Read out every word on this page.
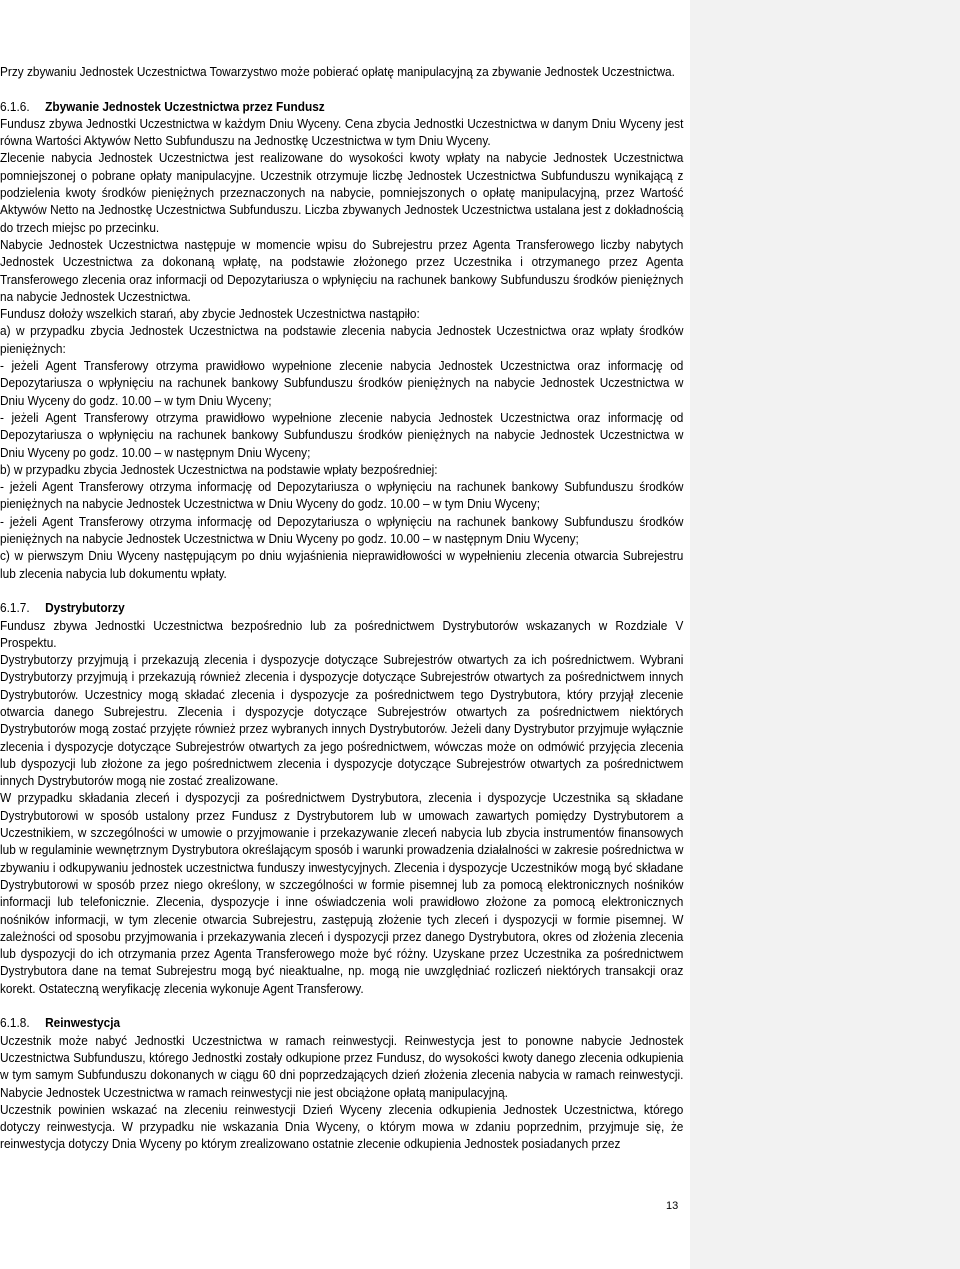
Przy zbywaniu Jednostek Uczestnictwa Towarzystwo może pobierać opłatę manipulacyjną za zbywanie Jednostek Uczestnictwa.

6.1.6. Zbywanie Jednostek Uczestnictwa przez Fundusz

Fundusz zbywa Jednostki Uczestnictwa w każdym Dniu Wyceny. Cena zbycia Jednostki Uczestnictwa w danym Dniu Wyceny jest równa Wartości Aktywów Netto Subfunduszu na Jednostkę Uczestnictwa w tym Dniu Wyceny.

Zlecenie nabycia Jednostek Uczestnictwa jest realizowane do wysokości kwoty wpłaty na nabycie Jednostek Uczestnictwa pomniejszonej o pobrane opłaty manipulacyjne. Uczestnik otrzymuje liczbę Jednostek Uczestnictwa Subfunduszu wynikającą z podzielenia kwoty środków pieniężnych przeznaczonych na nabycie, pomniejszonych o opłatę manipulacyjną, przez Wartość Aktywów Netto na Jednostkę Uczestnictwa Subfunduszu. Liczba zbywanych Jednostek Uczestnictwa ustalana jest z dokładnością do trzech miejsc po przecinku.

Nabycie Jednostek Uczestnictwa następuje w momencie wpisu do Subrejestru przez Agenta Transferowego liczby nabytych Jednostek Uczestnictwa za dokonaną wpłatę, na podstawie złożonego przez Uczestnika i otrzymanego przez Agenta Transferowego zlecenia oraz informacji od Depozytariusza o wpłynięciu na rachunek bankowy Subfunduszu środków pieniężnych na nabycie Jednostek Uczestnictwa.

Fundusz dołoży wszelkich starań, aby zbycie Jednostek Uczestnictwa nastąpiło:

a) w przypadku zbycia Jednostek Uczestnictwa na podstawie zlecenia nabycia Jednostek Uczestnictwa oraz wpłaty środków pieniężnych:

- jeżeli Agent Transferowy otrzyma prawidłowo wypełnione zlecenie nabycia Jednostek Uczestnictwa oraz informację od Depozytariusza o wpłynięciu na rachunek bankowy Subfunduszu środków pieniężnych na nabycie Jednostek Uczestnictwa w Dniu Wyceny do godz. 10.00 – w tym Dniu Wyceny;

- jeżeli Agent Transferowy otrzyma prawidłowo wypełnione zlecenie nabycia Jednostek Uczestnictwa oraz informację od Depozytariusza o wpłynięciu na rachunek bankowy Subfunduszu środków pieniężnych na nabycie Jednostek Uczestnictwa w Dniu Wyceny po godz. 10.00 – w następnym Dniu Wyceny;

b) w przypadku zbycia Jednostek Uczestnictwa na podstawie wpłaty bezpośredniej:

- jeżeli Agent Transferowy otrzyma informację od Depozytariusza o wpłynięciu na rachunek bankowy Subfunduszu środków pieniężnych na nabycie Jednostek Uczestnictwa w Dniu Wyceny do godz. 10.00 – w tym Dniu Wyceny;

- jeżeli Agent Transferowy otrzyma informację od Depozytariusza o wpłynięciu na rachunek bankowy Subfunduszu środków pieniężnych na nabycie Jednostek Uczestnictwa w Dniu Wyceny po godz. 10.00 – w następnym Dniu Wyceny;

c) w pierwszym Dniu Wyceny następującym po dniu wyjaśnienia nieprawidłowości w wypełnieniu zlecenia otwarcia Subrejestru lub zlecenia nabycia lub dokumentu wpłaty.

6.1.7. Dystrybutorzy

Fundusz zbywa Jednostki Uczestnictwa bezpośrednio lub za pośrednictwem Dystrybutorów wskazanych w Rozdziale V Prospektu.

Dystrybutorzy przyjmują i przekazują zlecenia i dyspozycje dotyczące Subrejestrów otwartych za ich pośrednictwem. Wybrani Dystrybutorzy przyjmują i przekazują również zlecenia i dyspozycje dotyczące Subrejestrów otwartych za pośrednictwem innych Dystrybutorów. Uczestnicy mogą składać zlecenia i dyspozycje za pośrednictwem tego Dystrybutora, który przyjął zlecenie otwarcia danego Subrejestru. Zlecenia i dyspozycje dotyczące Subrejestrów otwartych za pośrednictwem niektórych Dystrybutorów mogą zostać przyjęte również przez wybranych innych Dystrybutorów. Jeżeli dany Dystrybutor przyjmuje wyłącznie zlecenia i dyspozycje dotyczące Subrejestrów otwartych za jego pośrednictwem, wówczas może on odmówić przyjęcia zlecenia lub dyspozycji lub złożone za jego pośrednictwem zlecenia i dyspozycje dotyczące Subrejestrów otwartych za pośrednictwem innych Dystrybutorów mogą nie zostać zrealizowane.

W przypadku składania zleceń i dyspozycji za pośrednictwem Dystrybutora, zlecenia i dyspozycje Uczestnika są składane Dystrybutorowi w sposób ustalony przez Fundusz z Dystrybutorem lub w umowach zawartych pomiędzy Dystrybutorem a Uczestnikiem, w szczególności w umowie o przyjmowanie i przekazywanie zleceń nabycia lub zbycia instrumentów finansowych lub w regulaminie wewnętrznym Dystrybutora określającym sposób i warunki prowadzenia działalności w zakresie pośrednictwa w zbywaniu i odkupywaniu jednostek uczestnictwa funduszy inwestycyjnych. Zlecenia i dyspozycje Uczestników mogą być składane Dystrybutorowi w sposób przez niego określony, w szczególności w formie pisemnej lub za pomocą elektronicznych nośników informacji lub telefonicznie. Zlecenia, dyspozycje i inne oświadczenia woli prawidłowo złożone za pomocą elektronicznych nośników informacji, w tym zlecenie otwarcia Subrejestru, zastępują złożenie tych zleceń i dyspozycji w formie pisemnej. W zależności od sposobu przyjmowania i przekazywania zleceń i dyspozycji przez danego Dystrybutora, okres od złożenia zlecenia lub dyspozycji do ich otrzymania przez Agenta Transferowego może być różny. Uzyskane przez Uczestnika za pośrednictwem Dystrybutora dane na temat Subrejestru mogą być nieaktualne, np. mogą nie uwzględniać rozliczeń niektórych transakcji oraz korekt. Ostateczną weryfikację zlecenia wykonuje Agent Transferowy.

6.1.8. Reinwestycja

Uczestnik może nabyć Jednostki Uczestnictwa w ramach reinwestycji. Reinwestycja jest to ponowne nabycie Jednostek Uczestnictwa Subfunduszu, którego Jednostki zostały odkupione przez Fundusz, do wysokości kwoty danego zlecenia odkupienia w tym samym Subfunduszu dokonanych w ciągu 60 dni poprzedzających dzień złożenia zlecenia nabycia w ramach reinwestycji. Nabycie Jednostek Uczestnictwa w ramach reinwestycji nie jest obciążone opłatą manipulacyjną.

Uczestnik powinien wskazać na zleceniu reinwestycji Dzień Wyceny zlecenia odkupienia Jednostek Uczestnictwa, którego dotyczy reinwestycja. W przypadku nie wskazania Dnia Wyceny, o którym mowa w zdaniu poprzednim, przyjmuje się, że reinwestycja dotyczy Dnia Wyceny po którym zrealizowano ostatnie zlecenie odkupienia Jednostek posiadanych przez

13
